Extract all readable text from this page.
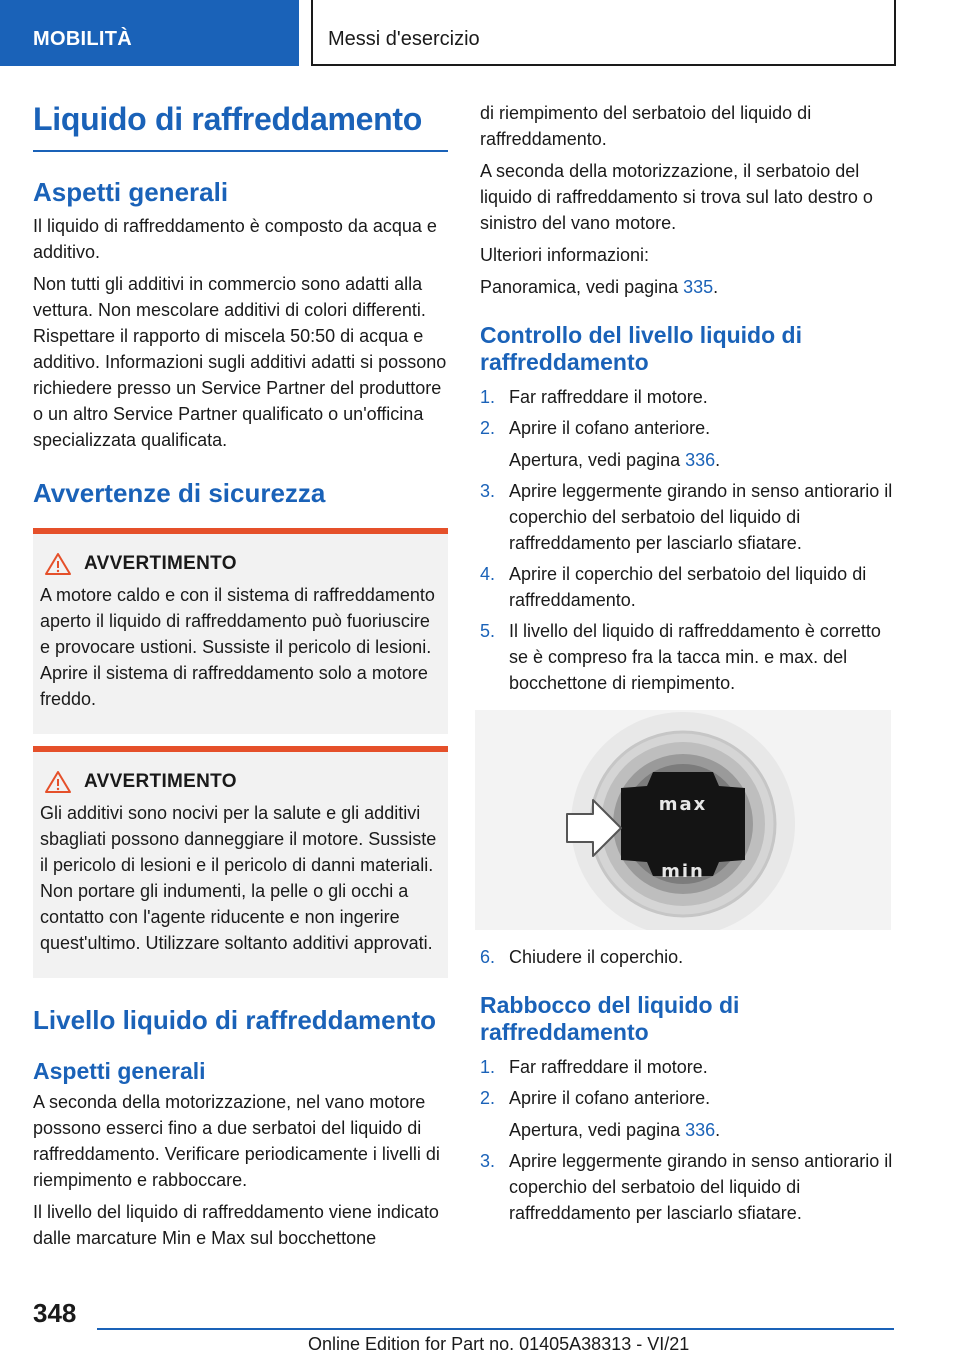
MOBILITÀ	Messi d'esercizio
Liquido di raffreddamento
Aspetti generali

Il liquido di raffreddamento è composto da acqua e additivo.

Non tutti gli additivi in commercio sono adatti alla vettura. Non mescolare additivi di colori differenti. Rispettare il rapporto di miscela 50:50 di acqua e additivo. Informazioni sugli additivi adatti si possono richiedere presso un Service Partner del produttore o un altro Service Partner qualificato o un'officina specializzata qualificata.

Avvertenze di sicurezza
AVVERTIMENTO

A motore caldo e con il sistema di raffreddamento aperto il liquido di raffreddamento può fuoriuscire e provocare ustioni. Sussiste il pericolo di lesioni. Aprire il sistema di raffreddamento solo a motore freddo.

AVVERTIMENTO

Gli additivi sono nocivi per la salute e gli additivi sbagliati possono danneggiare il motore. Sussiste il pericolo di lesioni e il pericolo di danni materiali. Non portare gli indumenti, la pelle o gli occhi a contatto con l'agente riducente e non ingerire quest'ultimo. Utilizzare soltanto additivi approvati.

Livello liquido di raffreddamento
Aspetti generali

A seconda della motorizzazione, nel vano motore possono esserci fino a due serbatoi del liquido di raffreddamento. Verificare periodicamente i livelli di riempimento e rabboccare.

Il livello del liquido di raffreddamento viene indicato dalle marcature Min e Max sul bocchettone

di riempimento del serbatoio del liquido di raffreddamento.

A seconda della motorizzazione, il serbatoio del liquido di raffreddamento si trova sul lato destro o sinistro del vano motore.

Ulteriori informazioni:

Panoramica, vedi pagina 335.

Controllo del livello liquido di raffreddamento
1. Far raffreddare il motore.
2. Aprire il cofano anteriore.
Apertura, vedi pagina 336.
3. Aprire leggermente girando in senso antiorario il coperchio del serbatoio del liquido di raffreddamento per lasciarlo sfiatare.
4. Aprire il coperchio del serbatoio del liquido di raffreddamento.
5. Il livello del liquido di raffreddamento è corretto se è compreso fra la tacca min. e max. del bocchettone di riempimento.
max
min
6. Chiudere il coperchio.
Rabbocco del liquido di raffreddamento
1. Far raffreddare il motore.
2. Aprire il cofano anteriore.
Apertura, vedi pagina 336.
3. Aprire leggermente girando in senso antiorario il coperchio del serbatoio del liquido di raffreddamento per lasciarlo sfiatare.
348
Online Edition for Part no. 01405A38313 - VI/21
